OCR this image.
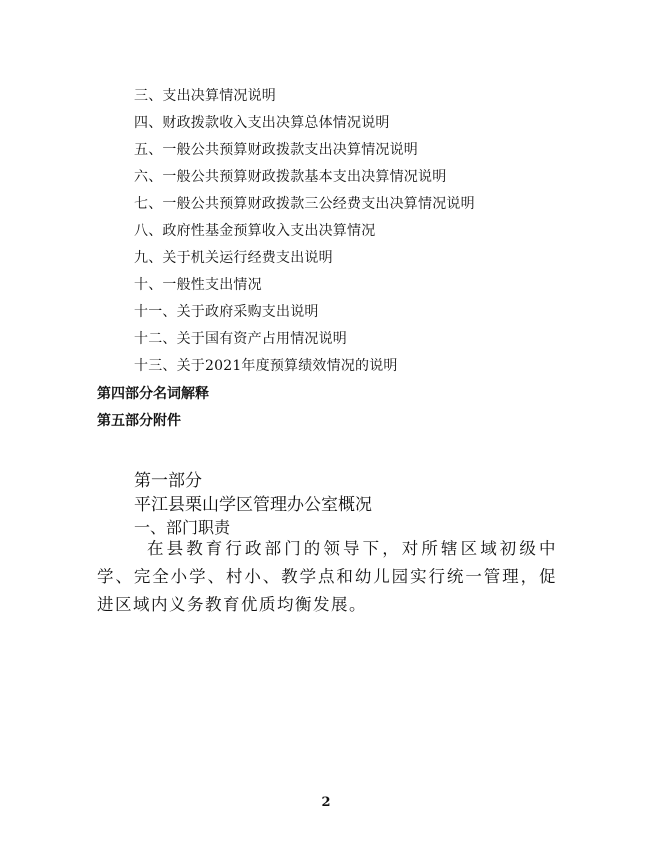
三、支出决算情况说明
四、财政拨款收入支出决算总体情况说明
五、一般公共预算财政拨款支出决算情况说明
六、一般公共预算财政拨款基本支出决算情况说明
七、一般公共预算财政拨款三公经费支出决算情况说明
八、政府性基金预算收入支出决算情况
九、关于机关运行经费支出说明
十、一般性支出情况
十一、关于政府采购支出说明
十二、关于国有资产占用情况说明
十三、关于2021年度预算绩效情况的说明
第四部分名词解释
第五部分附件
第一部分
平江县栗山学区管理办公室概况
一、部门职责
在县教育行政部门的领导下，对所辖区域初级中学、完全小学、村小、教学点和幼儿园实行统一管理，促进区域内义务教育优质均衡发展。
2
